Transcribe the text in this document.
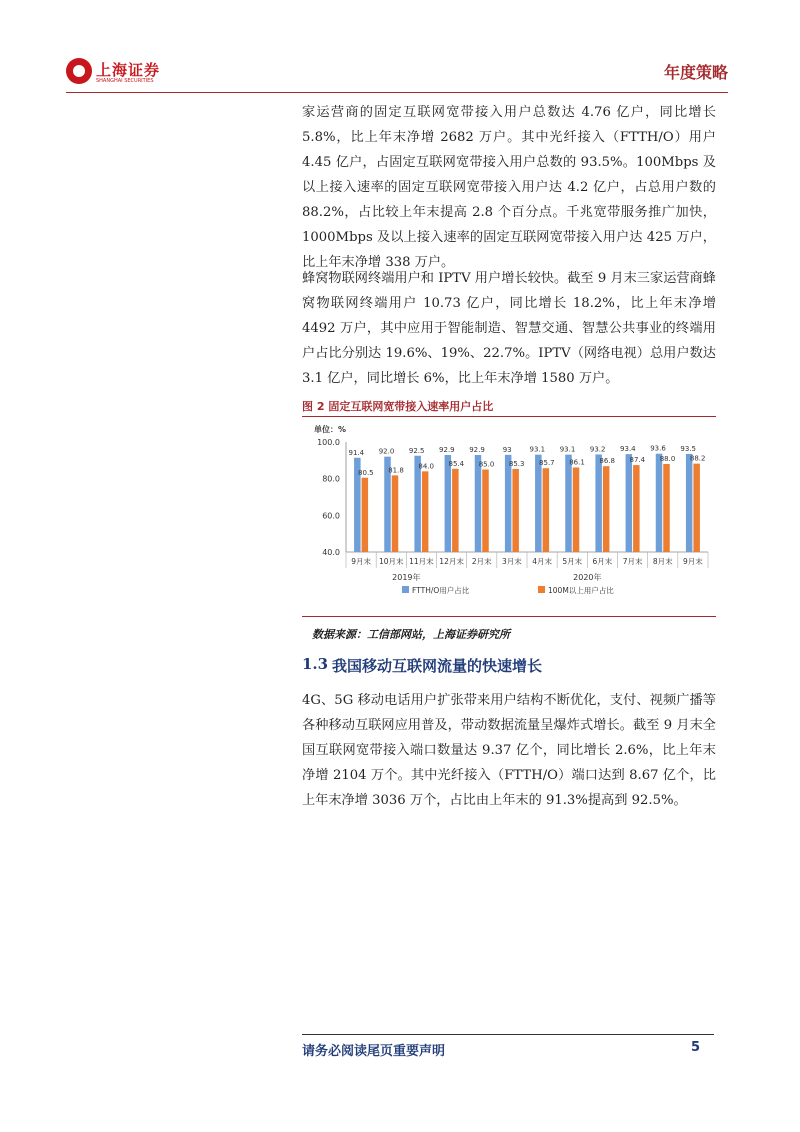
上海证券
SHANGHAI SECURITIES	年度策略

家运营商的固定互联网宽带接入用户总数达 4.76 亿户，同比增长 5.8%，比上年末净增 2682 万户。其中光纤接入（FTTH/O）用户 4.45 亿户，占固定互联网宽带接入用户总数的 93.5%。100Mbps 及以上接入速率的固定互联网宽带接入用户达 4.2 亿户，占总用户数的 88.2%，占比较上年末提高 2.8 个百分点。千兆宽带服务推广加快，1000Mbps 及以上接入速率的固定互联网宽带接入用户达 425 万户，比上年末净增 338 万户。

蜂窝物联网终端用户和 IPTV 用户增长较快。截至 9 月末三家运营商蜂窝物联网终端用户 10.73 亿户，同比增长 18.2%，比上年末净增 4492 万户，其中应用于智能制造、智慧交通、智慧公共事业的终端用户占比分别达 19.6%、19%、22.7%。IPTV（网络电视）总用户数达 3.1 亿户，同比增长 6%，比上年末净增 1580 万户。

图 2 固定互联网宽带接入速率用户占比
单位：%
100.0
80.0
60.0
40.0
91.4 92.0 92.5 92.9 92.9	93	93.1 93.1 93.2 93.4 93.6 93.5
80.5 81.8
84.0 85.4 85.0 85.3 85.7 86.1 86.8 87.4 88.0 88.2
9月末 10月末 11月末 12月末 2月末 3月末 4月末 5月末 6月末 7月末 8月末 9月末
2019年	2020年
FTTH/O用户占比	100M以上用户占比
数据来源：工信部网站，上海证券研究所
1.3 我国移动互联网流量的快速增长

4G、5G 移动电话用户扩张带来用户结构不断优化，支付、视频广播等各种移动互联网应用普及，带动数据流量呈爆炸式增长。截至 9 月末全国互联网宽带接入端口数量达 9.37 亿个，同比增长 2.6%，比上年末净增 2104 万个。其中光纤接入（FTTH/O）端口达到 8.67 亿个，比上年末净增 3036 万个，占比由上年末的 91.3%提高到 92.5%。

请务必阅读尾页重要声明	5
